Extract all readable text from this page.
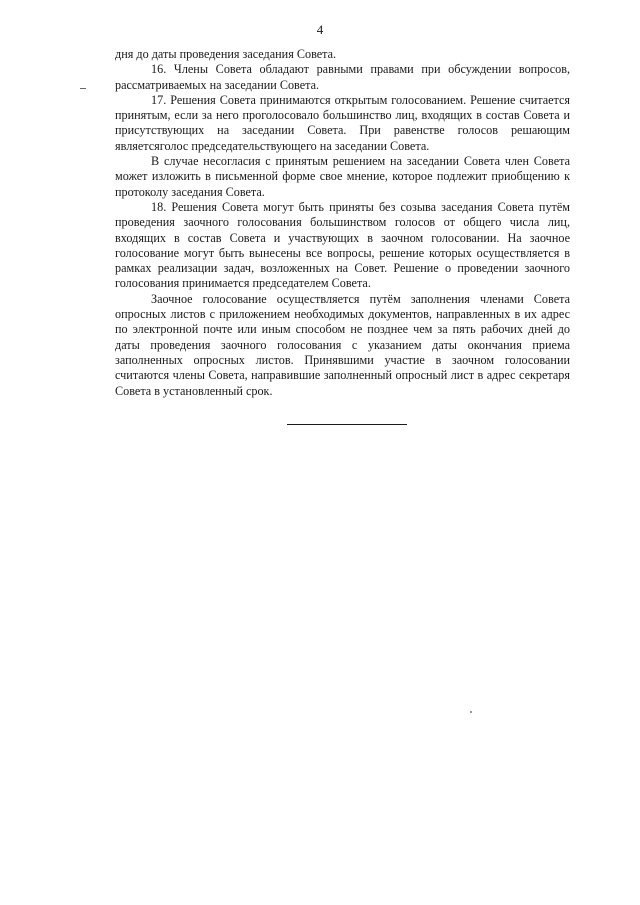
4

дня до даты проведения заседания Совета.

16. Члены Совета обладают равными правами при обсуждении вопросов, рассматриваемых на заседании Совета.

17. Решения Совета принимаются открытым голосованием. Решение считается принятым, если за него проголосовало большинство лиц, входящих в состав Совета и присутствующих на заседании Совета. При равенстве голосов решающим являетсяголос председательствующего на заседании Совета.

В случае несогласия с принятым решением на заседании Совета член Совета может изложить в письменной форме свое мнение, которое подлежит приобщению к протоколу заседания Совета.

18. Решения Совета могут быть приняты без созыва заседания Совета путём проведения заочного голосования большинством голосов от общего числа лиц, входящих в состав Совета и участвующих в заочном голосовании. На заочное голосование могут быть вынесены все вопросы, решение которых осуществляется в рамках реализации задач, возложенных на Совет. Решение о проведении заочного голосования принимается председателем Совета.

Заочное голосование осуществляется путём заполнения членами Совета опросных листов с приложением необходимых документов, направленных в их адрес по электронной почте или иным способом не позднее чем за пять рабочих дней до даты проведения заочного голосования с указанием даты окончания приема заполненных опросных листов. Принявшими участие в заочном голосовании считаются члены Совета, направившие заполненный опросный лист в адрес секретаря Совета в установленный срок.
